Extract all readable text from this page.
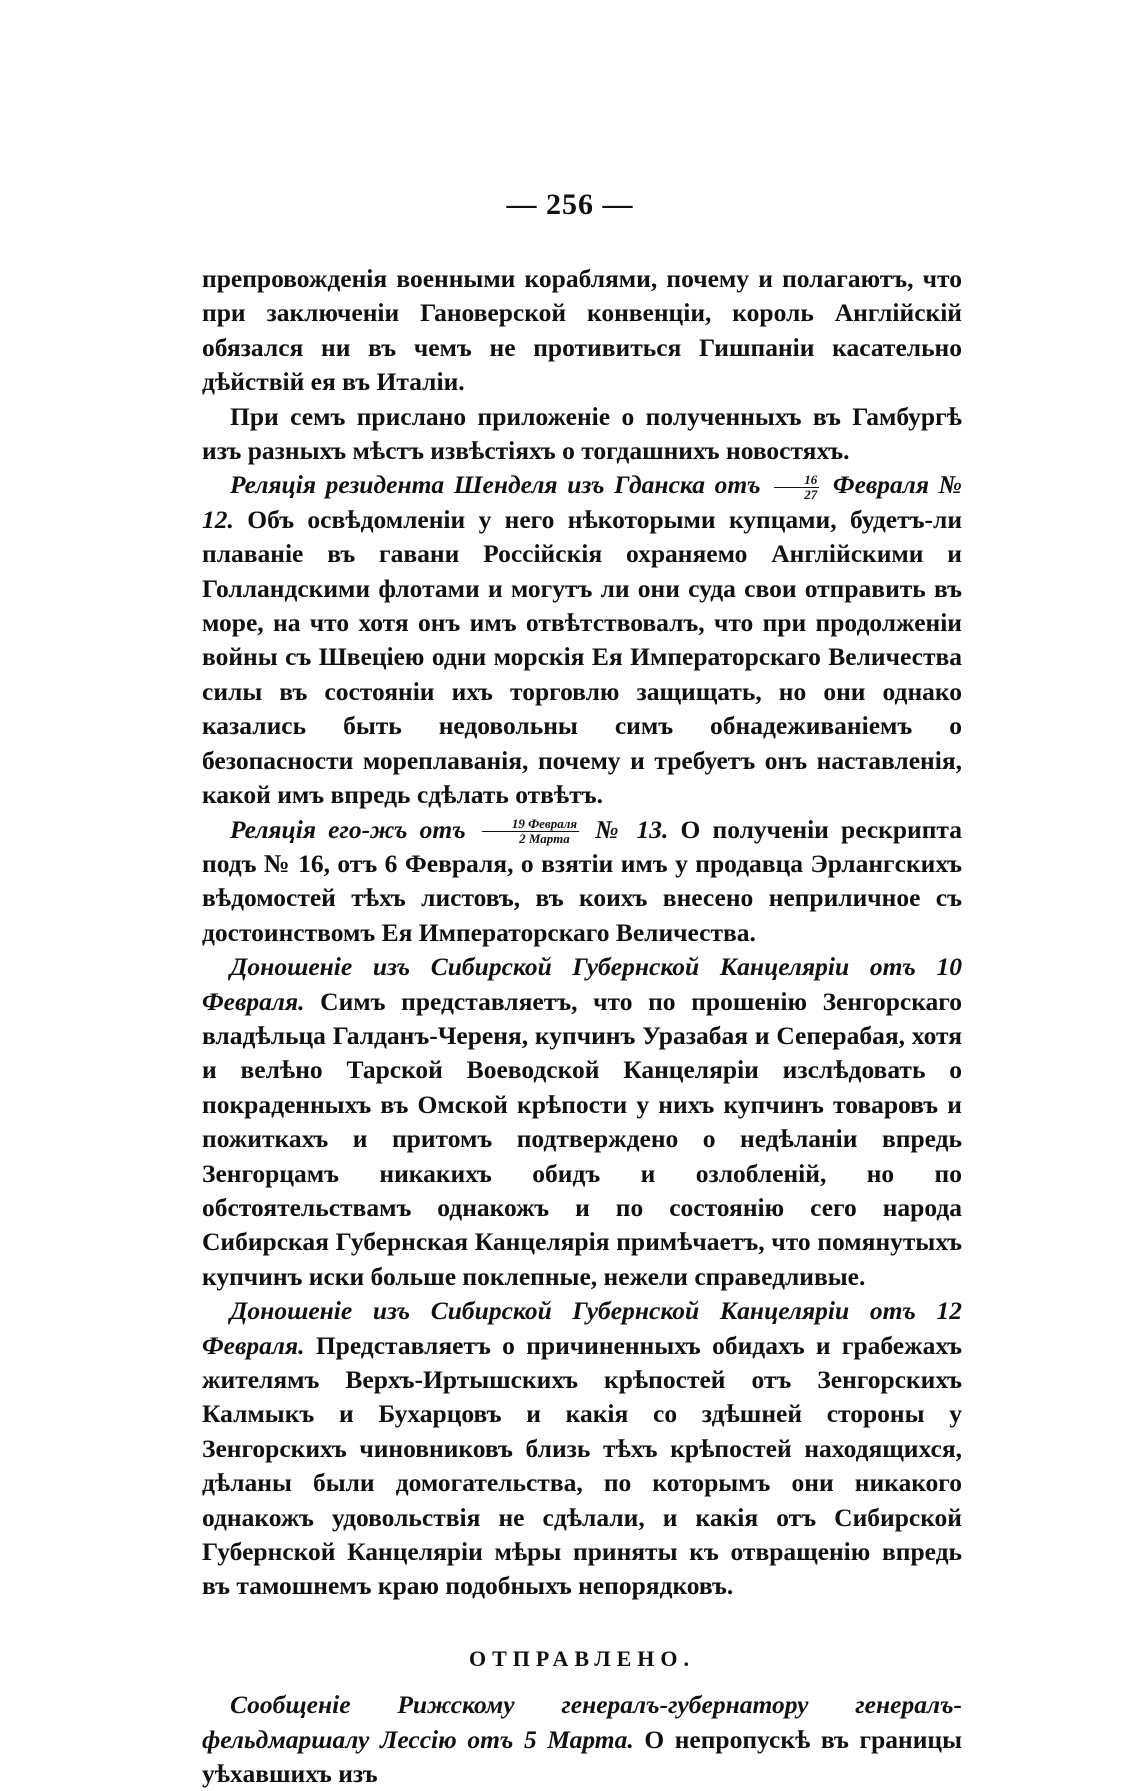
— 256 —

препровожденія военными кораблями, почему и полагаютъ, что при заключеніи Гановерской конвенціи, король Англійскій обязался ни въ чемъ не противиться Гишпаніи касательно дѣйствій ея въ Италіи.

При семъ прислано приложеніе о полученныхъ въ Гамбургѣ изъ разныхъ мѣстъ извѣстіяхъ о тогдашнихъ новостяхъ.

Реляція резидента Шенделя изъ Гданска отъ $\frac{16}{27}$ Февраля № 12. Объ освѣдомленіи у него нѣкоторыми купцами, будетъ-ли плаваніе въ гавани Россійскія охраняемо Англійскими и Голландскими флотами и могутъ ли они суда свои отправить въ море, на что хотя онъ имъ отвѣтствовалъ, что при продолженіи войны съ Швеціею одни морскія Ея Императорскаго Величества силы въ состояніи ихъ торговлю защищать, но они однако казались быть недовольны симъ обнадеживаніемъ о безопасности мореплаванія, почему и требуетъ онъ наставленія, какой имъ впредь сдѣлать отвѣтъ.

Реляція его-жъ отъ $\frac{\text{19 Февраля}}{\text{2 Марта}}$ № 13. О полученіи рескрипта подъ № 16, отъ 6 Февраля, о взятіи имъ у продавца Эрлангскихъ вѣдомостей тѣхъ листовъ, въ коихъ внесено неприличное съ достоинствомъ Ея Императорскаго Величества.

Доношеніе изъ Сибирской Губернской Канцеляріи отъ 10 Февраля. Симъ представляетъ, что по прошенію Зенгорскаго владѣльца Галданъ-Череня, купчинъ Уразабая и Сеперабая, хотя и велѣно Тарской Воеводской Канцеляріи изслѣдовать о покраденныхъ въ Омской крѣпости у нихъ купчинъ товаровъ и пожиткахъ и притомъ подтверждено о недѣланіи впредь Зенгорцамъ никакихъ обидъ и озлобленій, но по обстоятельствамъ однакожъ и по состоянію сего народа Сибирская Губернская Канцелярія примѣчаетъ, что помянутыхъ купчинъ иски больше поклепные, нежели справедливые.

Доношеніе изъ Сибирской Губернской Канцеляріи отъ 12 Февраля. Представляетъ о причиненныхъ обидахъ и грабежахъ жителямъ Верхъ-Иртышскихъ крѣпостей отъ Зенгорскихъ Калмыкъ и Бухарцовъ и какія со здѣшней стороны у Зенгорскихъ чиновниковъ близь тѣхъ крѣпостей находящихся, дѣланы были домогательства, по которымъ они никакого однакожъ удовольствія не сдѣлали, и какія отъ Сибирской Губернской Канцеляріи мѣры приняты къ отвращенію впредь въ тамошнемъ краю подобныхъ непорядковъ.

ОТПРАВЛЕНО.

Сообщеніе Рижскому генералъ-губернатору генералъ-фельдмаршалу Лессію отъ 5 Марта. О непропускѣ въ границы уѣхавшихъ изъ
